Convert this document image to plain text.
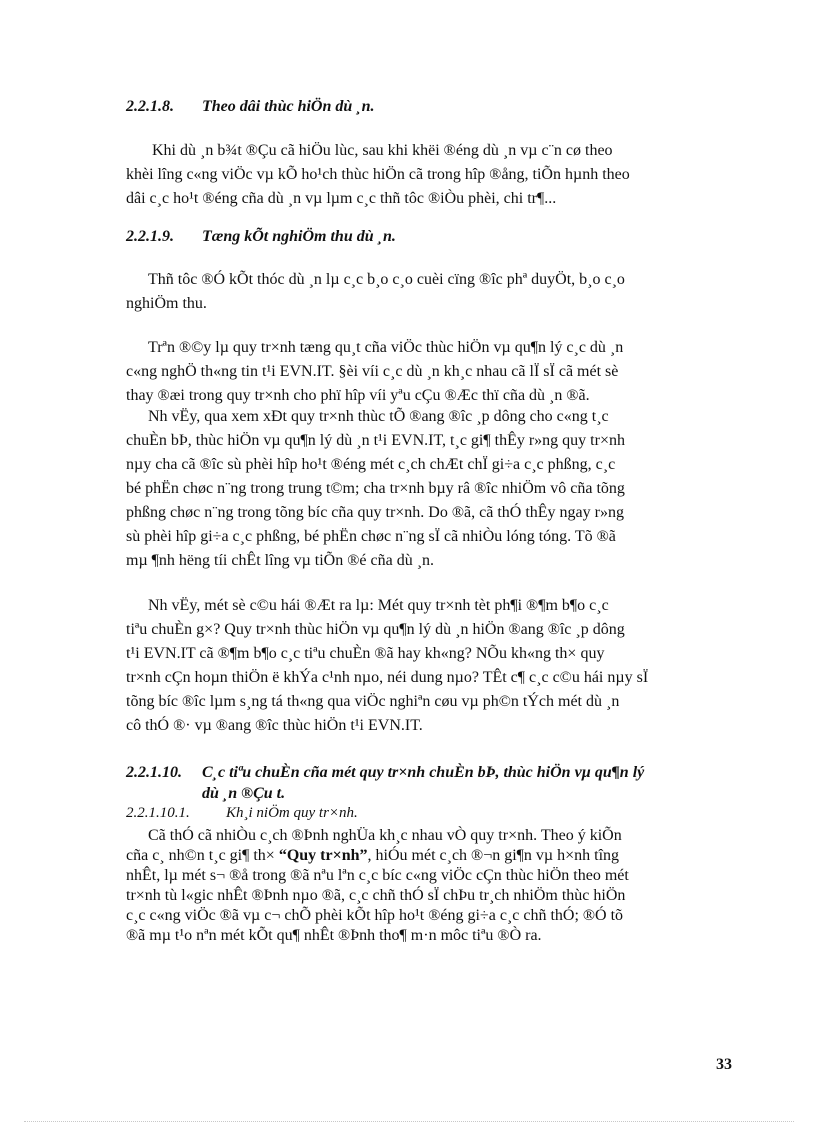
2.2.1.8. Theo dâi thùc hiÖn dù ¸n.
Khi dù ¸n b¾t ®Çu cã hiÖu lùc, sau khi khëi ®éng dù ¸n vµ c¨n cø theo
khèi lîng c«ng viÖc vµ kÕ ho¹ch thùc hiÖn cã trong hîp ®ång, tiÕn hµnh theo
dâi c¸c ho¹t ®éng cña dù ¸n vµ lµm c¸c thñ tôc ®iÒu phèi, chi tr¶...
2.2.1.9. Tæng kÕt nghiÖm thu dù ¸n.
Thñ tôc ®Ó kÕt thóc dù ¸n lµ c¸c b¸o c¸o cuèi cïng ®îc phª duyÖt, b¸o c¸o
nghiÖm thu.
Trªn ®©y lµ quy tr×nh tæng qu¸t cña viÖc thùc hiÖn vµ qu¶n lý c¸c dù ¸n
c«ng nghÖ th«ng tin t¹i EVN.IT. §èi víi c¸c dù ¸n kh¸c nhau cã lÏ sÏ cã mét sè
thay ®æi trong quy tr×nh cho phï hîp víi yªu cÇu ®Æc thï cña dù ¸n ®ã.
Nh vËy, qua xem xÐt quy tr×nh thùc tÕ ®ang ®îc ¸p dông cho c«ng t¸c
chuÈn bÞ, thùc hiÖn vµ qu¶n lý dù ¸n t¹i EVN.IT, t¸c gi¶ thÊy r»ng quy tr×nh
nµy cha cã ®îc sù phèi hîp ho¹t ®éng mét c¸ch chÆt chÏ gi÷a c¸c phßng, c¸c
bé phËn chøc n¨ng trong trung t©m; cha tr×nh bµy râ ®îc nhiÖm vô cña tõng
phßng chøc n¨ng trong tõng bíc cña quy tr×nh. Do ®ã, cã thÓ thÊy ngay r»ng
sù phèi hîp gi÷a c¸c phßng, bé phËn chøc n¨ng sÏ cã nhiÒu lóng tóng. Tõ ®ã
mµ ¶nh hëng tíi chÊt lîng vµ tiÕn ®é cña dù ¸n.
Nh vËy, mét sè c©u hái ®Æt ra lµ: Mét quy tr×nh tèt ph¶i ®¶m b¶o c¸c
tiªu chuÈn g×? Quy tr×nh thùc hiÖn vµ qu¶n lý dù ¸n hiÖn ®ang ®îc ¸p dông
t¹i EVN.IT cã ®¶m b¶o c¸c tiªu chuÈn ®ã hay kh«ng? NÕu kh«ng th× quy
tr×nh cÇn hoµn thiÖn ë khÝa c¹nh nµo, néi dung nµo? TÊt c¶ c¸c c©u hái nµy sÏ
tõng bíc ®îc lµm s¸ng tá th«ng qua viÖc nghiªn cøu vµ ph©n tÝch mét dù ¸n
cô thÓ ®· vµ ®ang ®îc thùc hiÖn t¹i EVN.IT.
2.2.1.10. C¸c tiªu chuÈn cña mét quy tr×nh chuÈn bÞ, thùc hiÖn vµ qu¶n lý
dù ¸n ®Çu t.
2.2.1.10.1. Kh¸i niÖm quy tr×nh.
Cã thÓ cã nhiÒu c¸ch ®Þnh nghÜa kh¸c nhau vÒ quy tr×nh. Theo ý kiÕn
cña c¸ nh©n t¸c gi¶ th× “Quy tr×nh”, hiÓu mét c¸ch ®¬n gi¶n vµ h×nh tîng
nhÊt, lµ mét s¬ ®å trong ®ã nªu lªn c¸c bíc c«ng viÖc cÇn thùc hiÖn theo mét
tr×nh tù l«gic nhÊt ®Þnh nµo ®ã, c¸c chñ thÓ sÏ chÞu tr¸ch nhiÖm thùc hiÖn
c¸c c«ng viÖc ®ã vµ c¬ chÕ phèi kÕt hîp ho¹t ®éng gi÷a c¸c chñ thÓ; ®Ó tõ
®ã mµ t¹o nªn mét kÕt qu¶ nhÊt ®Þnh tho¶ m·n môc tiªu ®Ò ra.
33
